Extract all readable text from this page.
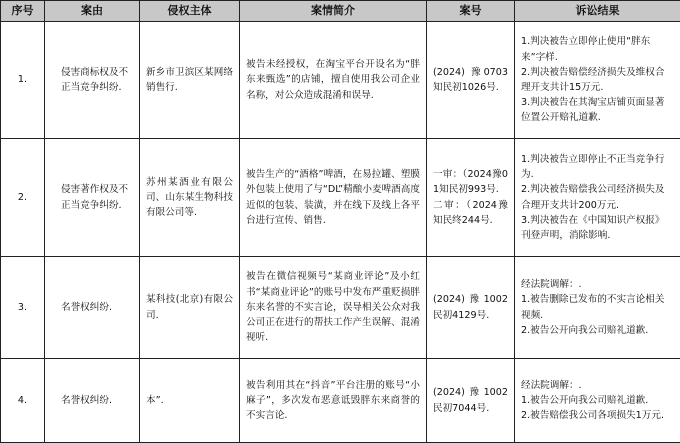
序号	案由	侵权主体	案情简介	案号	诉讼结果
1.	侵害商标权及不正当竞争纠纷.	新乡市卫滨区某网络销售行.	被告未经授权，在淘宝平台开设名为“胖东来甄选”的店铺，擅自使用我公司企业名称，对公众造成混淆和误导.	(2024) 豫0703知民初1026号.	1.判决被告立即停止使用“胖东来”字样.
2.判决被告赔偿经济损失及维权合理开支共计15万元.
3.判决被告在其淘宝店铺页面显著位置公开赔礼道歉.

2.	侵害著作权及不正当竞争纠纷.	苏州某酒业有限公司、山东某生物科技有限公司等.	被告生产的“酒格”啤酒，在易拉罐、塑膜外包装上使用了与“DL”精酿小麦啤酒高度近似的包装、装潢，并在线下及线上各平台进行宣传、销售.	一审：（2024豫01知民初993号.
二审：（2024豫知民终244号.	1.判决被告立即停止不正当竞争行为.
2.判决被告赔偿我公司经济损失及合理开支共计200万元.
3.判决被告在《中国知识产权报》刊登声明，消除影响.

3.	名誉权纠纷.	某科技(北京)有限公司.	被告在微信视频号“某商业评论”及小红书“某商业评论”的账号中发布严重贬损胖东来名誉的不实言论，误导相关公众对我公司正在进行的帮扶工作产生误解、混淆视听.	(2024)豫1002民初4129号.	经法院调解：.
1.被告删除已发布的不实言论相关视频.
2.被告公开向我公司赔礼道歉.

4.	名誉权纠纷.	本”.	被告利用其在“抖音”平台注册的账号“小麻子”，多次发布恶意诋毁胖东来商誉的不实言论.	(2024)豫1002民初7044号.	经法院调解：.
1.被告公开向我公司赔礼道歉.
2.被告赔偿我公司各项损失1万元.
